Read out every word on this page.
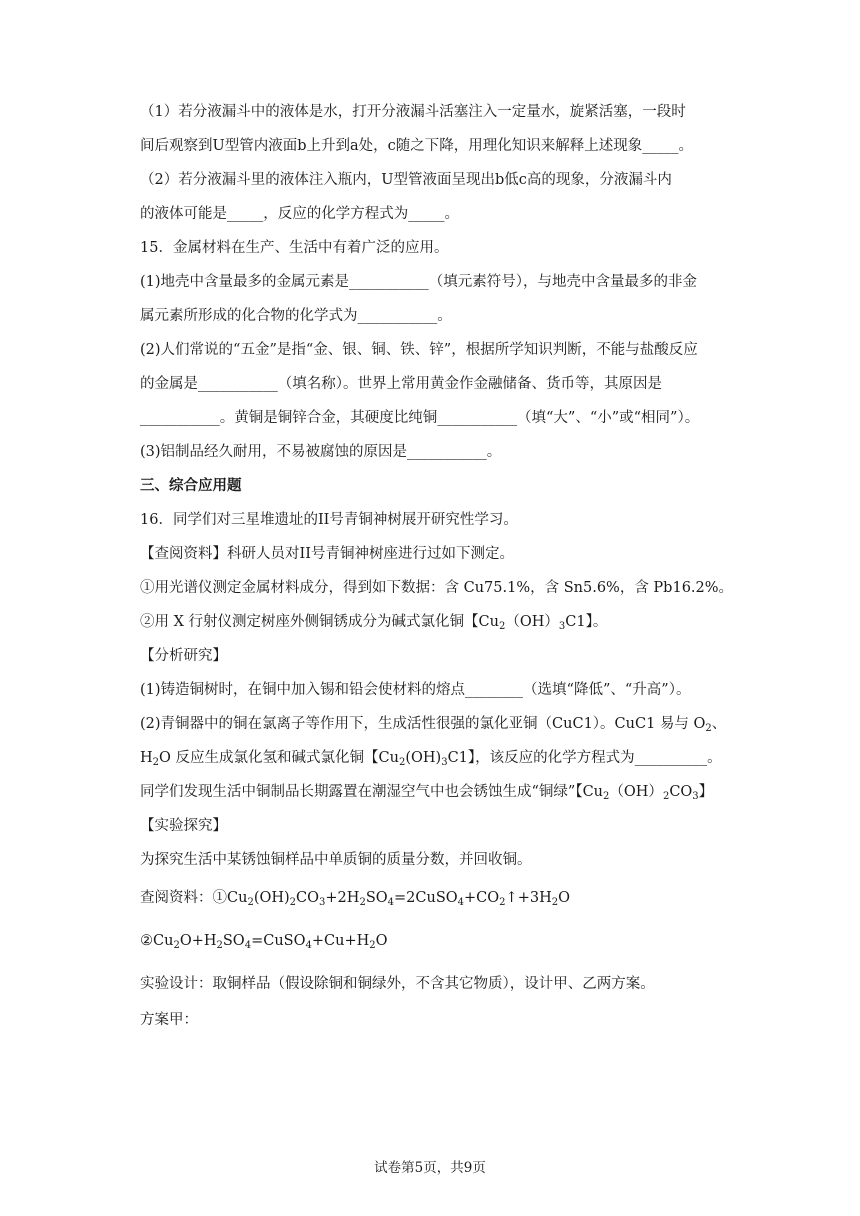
（1）若分液漏斗中的液体是水，打开分液漏斗活塞注入一定量水，旋紧活塞，一段时
间后观察到U型管内液面b上升到a处，c随之下降，用理化知识来解释上述现象_____。
（2）若分液漏斗里的液体注入瓶内，U型管液面呈现出b低c高的现象，分液漏斗内
的液体可能是_____，反应的化学方程式为_____。
15．金属材料在生产、生活中有着广泛的应用。
(1)地壳中含量最多的金属元素是___________（填元素符号），与地壳中含量最多的非金
属元素所形成的化合物的化学式为___________。
(2)人们常说的“五金”是指“金、银、铜、铁、锌”，根据所学知识判断，不能与盐酸反应
的金属是___________（填名称）。世界上常用黄金作金融储备、货币等，其原因是
___________。黄铜是铜锌合金，其硬度比纯铜___________（填“大”、“小”或“相同”）。
(3)铝制品经久耐用，不易被腐蚀的原因是___________。
三、综合应用题
16．同学们对三星堆遗址的II号青铜神树展开研究性学习。
【查阅资料】科研人员对II号青铜神树座进行过如下测定。
①用光谱仪测定金属材料成分，得到如下数据：含 Cu75.1%，含 Sn5.6%，含 Pb16.2%。
②用 X 行射仪测定树座外侧铜锈成分为碱式氯化铜【$Cu_2(OH)_3C1$】。
【分析研究】
(1)铸造铜树时，在铜中加入锡和铅会使材料的熔点________（选填“降低”、“升高”）。
(2)青铜器中的铜在氯离子等作用下，生成活性很强的氯化亚铜（CuC1）。CuC1 易与 $O_2$、
$H_2O$ 反应生成氯化氢和碱式氯化铜【$Cu_2(OH)_3C1$】，该反应的化学方程式为__________。
同学们发现生活中铜制品长期露置在潮湿空气中也会锈蚀生成“铜绿”【$Cu_2(OH)_2CO_3$】
【实验探究】
为探究生活中某锈蚀铜样品中单质铜的质量分数，并回收铜。
查阅资料：$①Cu_2(OH)_2CO_3+2H_2SO_4=2CuSO_4+CO_2↑+3H_2O$
$②Cu_2O+H_2SO_4=CuSO_4+Cu+H_2O$
实验设计：取铜样品（假设除铜和铜绿外，不含其它物质），设计甲、乙两方案。
方案甲：
试卷第5页，共9页
